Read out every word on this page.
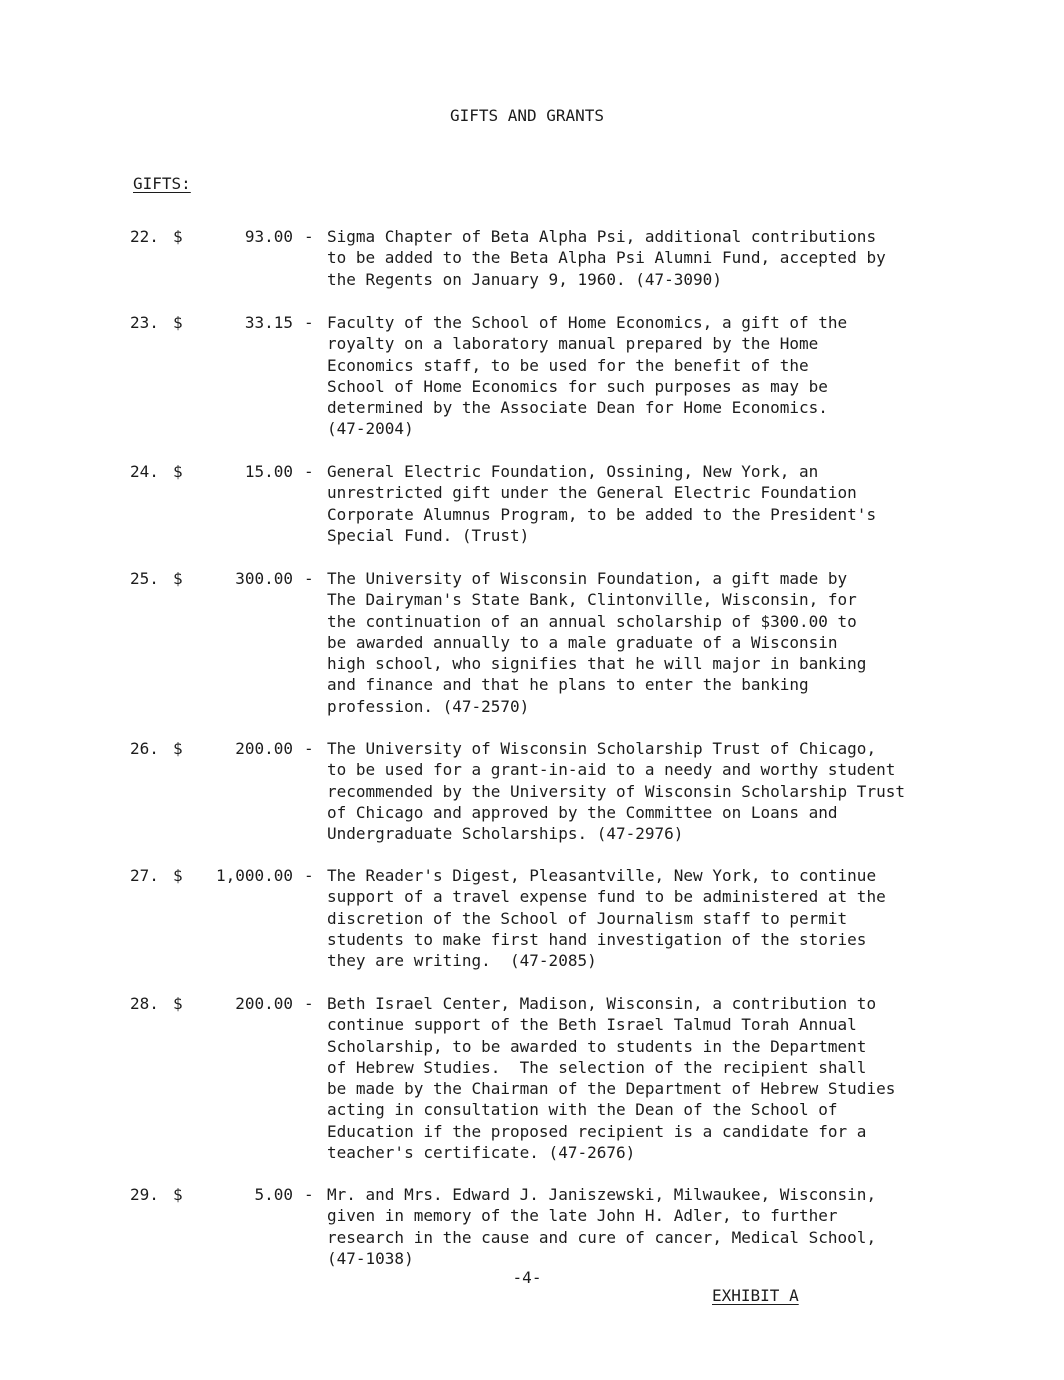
GIFTS AND GRANTS
GIFTS:
22. $	93.00 - Sigma Chapter of Beta Alpha Psi, additional contributions
to be added to the Beta Alpha Psi Alumni Fund, accepted by
the Regents on January 9, 1960. (47-3090)
23. $	33.15 - Faculty of the School of Home Economics, a gift of the
royalty on a laboratory manual prepared by the Home
Economics staff, to be used for the benefit of the
School of Home Economics for such purposes as may be
determined by the Associate Dean for Home Economics.
(47-2004)
24. $	15.00 - General Electric Foundation, Ossining, New York, an
unrestricted gift under the General Electric Foundation
Corporate Alumnus Program, to be added to the President's
Special Fund. (Trust)
25. $	300.00 - The University of Wisconsin Foundation, a gift made by
The Dairyman's State Bank, Clintonville, Wisconsin, for
the continuation of an annual scholarship of $300.00 to
be awarded annually to a male graduate of a Wisconsin
high school, who signifies that he will major in banking
and finance and that he plans to enter the banking
profession. (47-2570)
26. $	200.00 - The University of Wisconsin Scholarship Trust of Chicago,
to be used for a grant-in-aid to a needy and worthy student
recommended by the University of Wisconsin Scholarship Trust
of Chicago and approved by the Committee on Loans and
Undergraduate Scholarships. (47-2976)
27. $ 1,000.00 - The Reader's Digest, Pleasantville, New York, to continue
support of a travel expense fund to be administered at the
discretion of the School of Journalism staff to permit
students to make first hand investigation of the stories
they are writing.  (47-2085)
28. $	200.00 - Beth Israel Center, Madison, Wisconsin, a contribution to
continue support of the Beth Israel Talmud Torah Annual
Scholarship, to be awarded to students in the Department
of Hebrew Studies.  The selection of the recipient shall
be made by the Chairman of the Department of Hebrew Studies
acting in consultation with the Dean of the School of
Education if the proposed recipient is a candidate for a
teacher's certificate. (47-2676)
29. $	5.00 - Mr. and Mrs. Edward J. Janiszewski, Milwaukee, Wisconsin,
given in memory of the late John H. Adler, to further
research in the cause and cure of cancer, Medical School,
(47-1038)
-4-
EXHIBIT A
